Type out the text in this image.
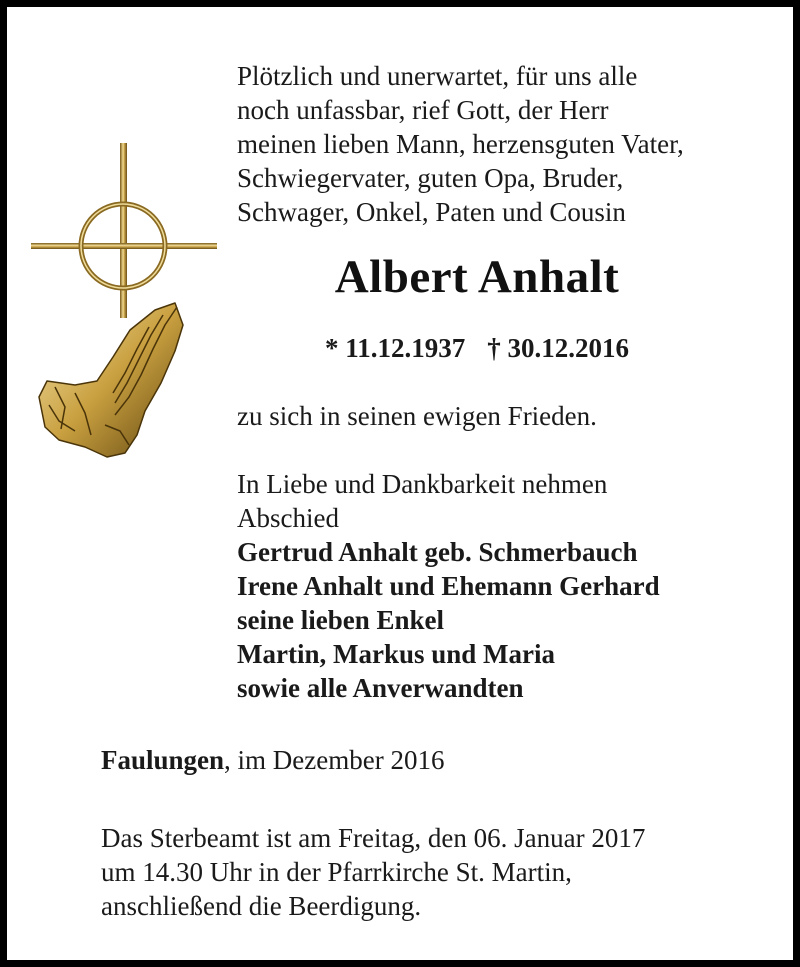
Plötzlich und unerwartet, für uns alle
noch unfassbar, rief Gott, der Herr
meinen lieben Mann, herzensguten Vater,
Schwiegervater, guten Opa, Bruder,
Schwager, Onkel, Paten und Cousin
Albert Anhalt
* 11.12.1937 † 30.12.2016
zu sich in seinen ewigen Frieden.
In Liebe und Dankbarkeit nehmen
Abschied
Gertrud Anhalt geb. Schmerbauch
Irene Anhalt und Ehemann Gerhard
seine lieben Enkel
Martin, Markus und Maria
sowie alle Anverwandten
Faulungen, im Dezember 2016
Das Sterbeamt ist am Freitag, den 06. Januar 2017
um 14.30 Uhr in der Pfarrkirche St. Martin,
anschließend die Beerdigung.
